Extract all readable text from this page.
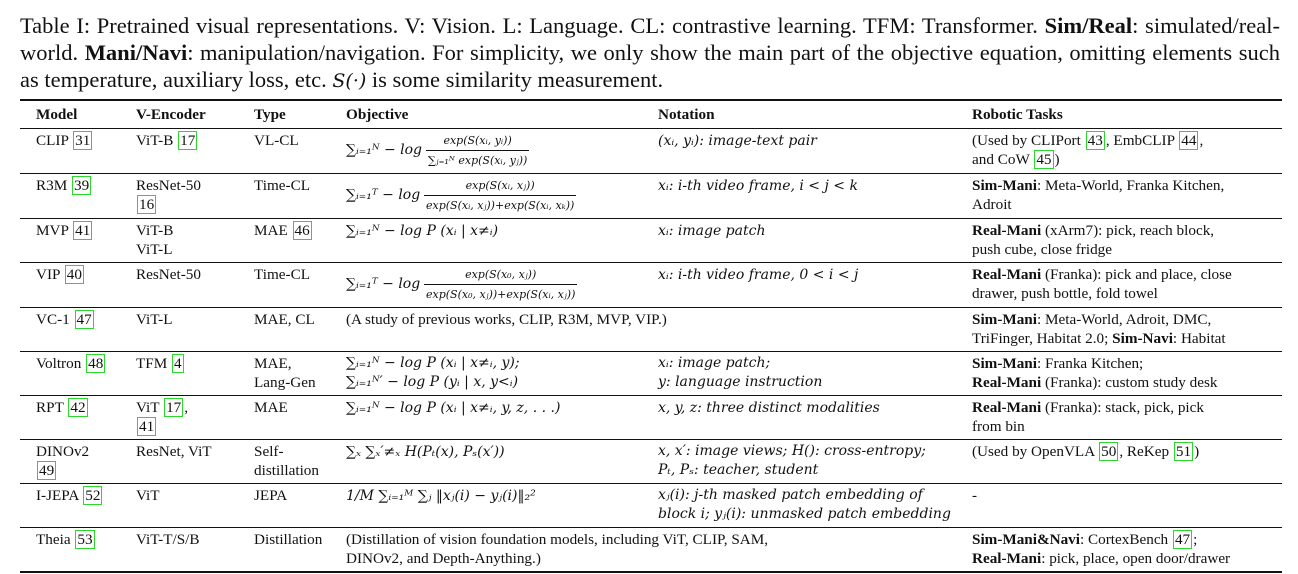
Table I: Pretrained visual representations. V: Vision. L: Language. CL: contrastive learning. TFM: Transformer. Sim/Real: simulated/real-world. Mani/Navi: manipulation/navigation. For simplicity, we only show the main part of the objective equation, omitting elements such as temperature, auxiliary loss, etc. S(·) is some similarity measurement.

Model	V-Encoder	Type	Objective	Notation	Robotic Tasks
CLIP 31	ViT-B 17	VL-CL	∑ᵢ₌₁ᴺ − $\log \frac{\text{exp(S(xᵢ, yᵢ))}}{\text{∑ⱼ₌₁ᴺ exp(S(xᵢ, yⱼ))}}$	(xᵢ, yᵢ): image-text pair	(Used by CLIPort 43 , EmbCLIP 44 ,
and CoW 45 )

R3M 39	ResNet-50
16	Time-CL	∑ᵢ₌₁ᵀ − $\log \frac{\text{exp(S(xᵢ, xⱼ))}}{\text{exp(S(xᵢ, xⱼ))+exp(S(xᵢ, xₖ))}}$	xᵢ: i-th video frame, i < j < k	Sim-Mani: Meta-World, Franka Kitchen,
Adroit

MVP 41	ViT-B
ViT-L	MAE 46	∑ᵢ₌₁ᴺ − log P (xᵢ | x≠ᵢ)	xᵢ: image patch	Real-Mani (xArm7): pick, reach block,
push cube, close fridge

VIP 40	ResNet-50	Time-CL	∑ᵢ₌₁ᵀ − $\log \frac{\text{exp(S(x₀, xⱼ))}}{\text{exp(S(x₀, xⱼ))+exp(S(xᵢ, xⱼ))}}$	xᵢ: i-th video frame, 0 < i < j	Real-Mani (Franka): pick and place, close
drawer, push bottle, fold towel

VC-1 47	ViT-L	MAE, CL	(A study of previous works, CLIP, R3M, MVP, VIP.)		Sim-Mani: Meta-World, Adroit, DMC,
TriFinger, Habitat 2.0; Sim-Navi: Habitat

Voltron 48	TFM 4	MAE,
Lang-Gen	∑ᵢ₌₁ᴺ − log P (xᵢ | x≠ᵢ, y);
∑ᵢ₌₁ᴺ′ − log P (yᵢ | x, y<ᵢ)	xᵢ: image patch;
y: language instruction	Sim-Mani: Franka Kitchen;
Real-Mani (Franka): custom study desk

RPT 42	ViT 17 ,
41	MAE	∑ᵢ₌₁ᴺ − log P (xᵢ | x≠ᵢ, y, z, . . .)	x, y, z: three distinct modalities	Real-Mani (Franka): stack, pick, pick
from bin

DINOv2
49	ResNet, ViT	Self-
distillation	∑ₓ ∑ₓ′≠ₓ H(Pₜ(x), Pₛ(x′))	x, x′: image views; H(): cross-entropy;
Pₜ, Pₛ: teacher, student	(Used by OpenVLA 50 , ReKep 51 )
I-JEPA 52	ViT	JEPA	1/M ∑ᵢ₌₁ᴹ ∑ⱼ ‖xⱼ(i) − yⱼ(i)‖₂²	xⱼ(i): j-th masked patch embedding of
block i; yⱼ(i): unmasked patch embedding	-
Theia 53	ViT-T/S/B	Distillation	(Distillation of vision foundation models, including ViT, CLIP, SAM,
DINOv2, and Depth-Anything.)		Sim-Mani&Navi: CortexBench 47 ;
Real-Mani: pick, place, open door/drawer
